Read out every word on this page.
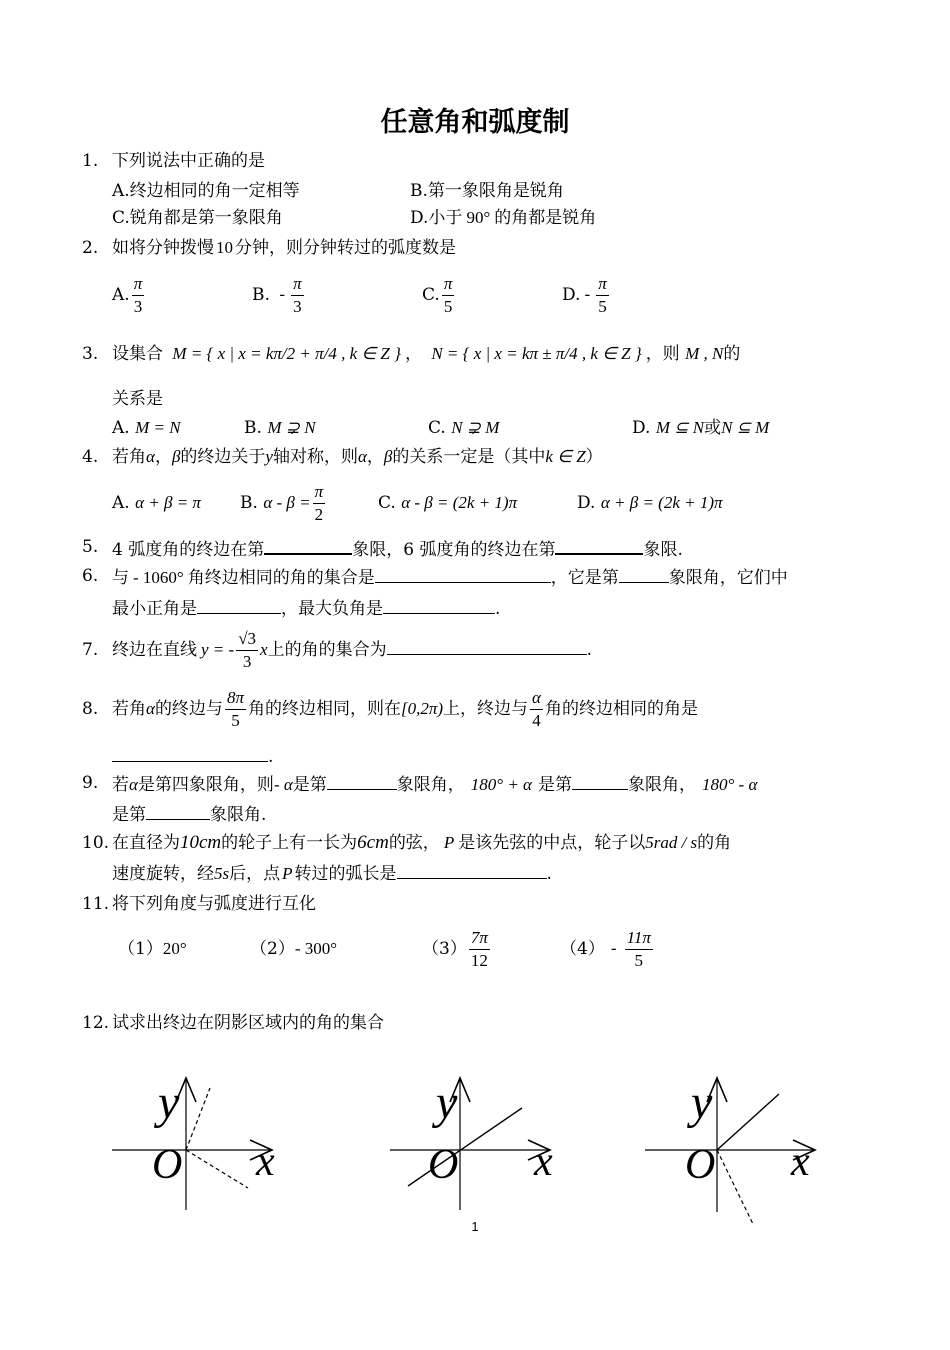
任意角和弧度制
1. 下列说法中正确的是
A.终边相同的角一定相等	B.第一象限角是锐角
C.锐角都是第一象限角	D.小于 90° 的角都是锐角
2. 如将分钟拨慢 10 分钟，则分钟转过的弧度数是
A. $\frac{\pi}{3}$	B. - $\frac{\pi}{3}$	C. $\frac{\pi}{5}$	D. - $\frac{\pi}{5}$
3. 设集合 M = { x | x = kπ/2 + π/4 , k ∈ Z } ， N = { x | x = kπ ± π/4 , k ∈ Z } ，则 M , N的
关系是
A. M = N	B. M ⊋ N	C. N ⊋ M	D. M ⊆ N或N ⊆ M
4. 若角α，β的终边关于y轴对称，则α，β的关系一定是（其中k ∈ Z）
A. α + β = π B. $\alpha - \beta = \frac{\pi}{2}$	C. α - β = (2k + 1)π	D. α + β = (2k + 1)π
5. 4 弧度角的终边在第	象限，6 弧度角的终边在第	象限.
6. 与 - 1060° 角终边相同的角的集合是	，它是第	象限角，它们中
最小正角是	，最大负角是	.
7. 终边在直线 y = - $\frac{√3}{3}$ x上的角的集合为	.
8. 若角α的终边与 $\frac{8\pi}{5}$ 角的终边相同，则在[0,2π)上，终边与 $\frac{\alpha}{4}$ 角的终边相同的角是
.
9. 若α是第四象限角，则- α是第	象限角， 180° + α 是第	象限角， 180° - α
是第	象限角.
10. 在直径为10cm的轮子上有一长为6cm的弦， P 是该先弦的中点，轮子以5rad / s的角
速度旋转，经5s后，点 P 转过的弧长是	.
11. 将下列角度与弧度进行互化
（1）20°	（2）- 300°	$(3) \frac{7\pi}{12}$	$(4) - \frac{11\pi}{5}$
12. 试求出终边在阴影区域内的角的集合
y
O x
y
O x
y
O x
1
